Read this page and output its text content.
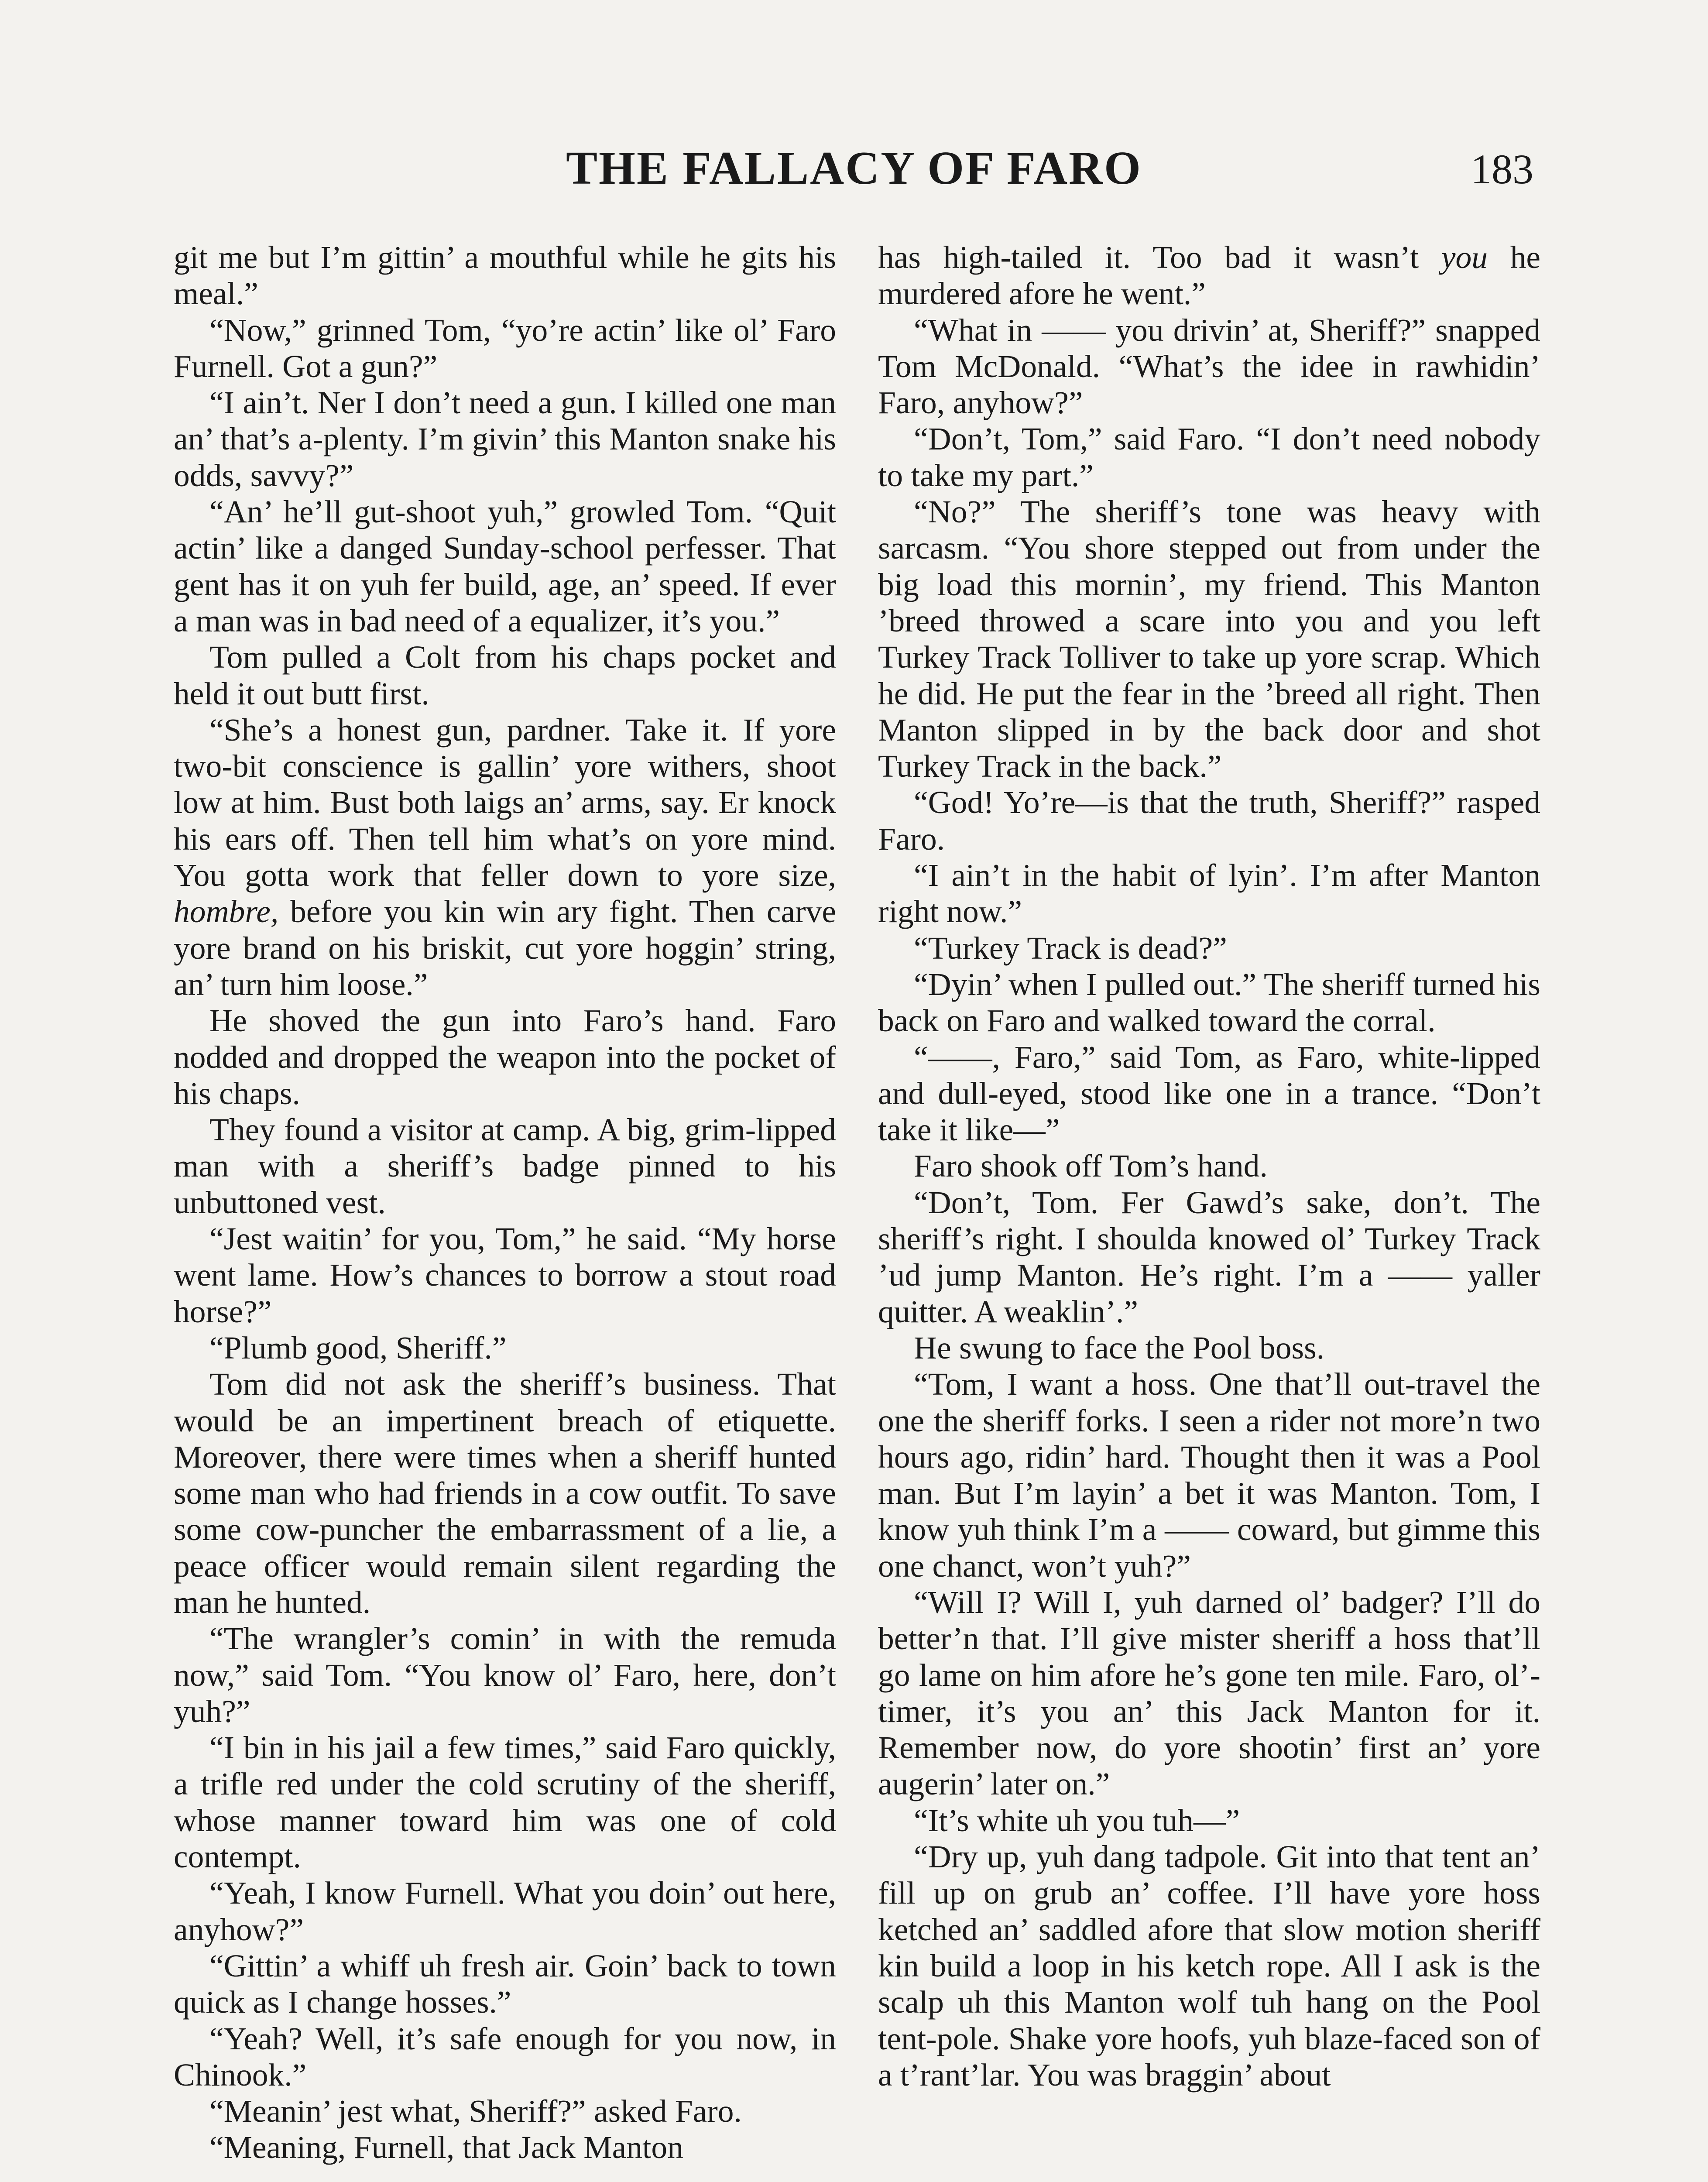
THE FALLACY OF FARO	183

git me but I’m gittin’ a mouthful while he gits his meal.”

“Now,” grinned Tom, “yo’re actin’ like ol’ Faro Furnell. Got a gun?”

“I ain’t. Ner I don’t need a gun. I killed one man an’ that’s a-plenty. I’m givin’ this Manton snake his odds, savvy?”

“An’ he’ll gut-shoot yuh,” growled Tom. “Quit actin’ like a danged Sunday-school perfesser. That gent has it on yuh fer build, age, an’ speed. If ever a man was in bad need of a equalizer, it’s you.”

Tom pulled a Colt from his chaps pocket and held it out butt first.

“She’s a honest gun, pardner. Take it. If yore two-bit conscience is gallin’ yore withers, shoot low at him. Bust both laigs an’ arms, say. Er knock his ears off. Then tell him what’s on yore mind. You gotta work that feller down to yore size, hombre, before you kin win ary fight. Then carve yore brand on his briskit, cut yore hoggin’ string, an’ turn him loose.”

He shoved the gun into Faro’s hand. Faro nodded and dropped the weapon into the pocket of his chaps.

They found a visitor at camp. A big, grim-lipped man with a sheriff’s badge pinned to his unbuttoned vest.

“Jest waitin’ for you, Tom,” he said. “My horse went lame. How’s chances to borrow a stout road horse?”

“Plumb good, Sheriff.”

Tom did not ask the sheriff’s business. That would be an impertinent breach of etiquette. Moreover, there were times when a sheriff hunted some man who had friends in a cow outfit. To save some cow-puncher the embarrassment of a lie, a peace officer would remain silent regarding the man he hunted.

“The wrangler’s comin’ in with the remuda now,” said Tom. “You know ol’ Faro, here, don’t yuh?”

“I bin in his jail a few times,” said Faro quickly, a trifle red under the cold scrutiny of the sheriff, whose manner toward him was one of cold contempt.

“Yeah, I know Furnell. What you doin’ out here, anyhow?”

“Gittin’ a whiff uh fresh air. Goin’ back to town quick as I change hosses.”

“Yeah? Well, it’s safe enough for you now, in Chinook.”

“Meanin’ jest what, Sheriff?” asked Faro.

“Meaning, Furnell, that Jack Manton

has high-tailed it. Too bad it wasn’t you he murdered afore he went.”

“What in —— you drivin’ at, Sheriff?” snapped Tom McDonald. “What’s the idee in rawhidin’ Faro, anyhow?”

“Don’t, Tom,” said Faro. “I don’t need nobody to take my part.”

“No?” The sheriff’s tone was heavy with sarcasm. “You shore stepped out from under the big load this mornin’, my friend. This Manton ’breed throwed a scare into you and you left Turkey Track Tolliver to take up yore scrap. Which he did. He put the fear in the ’breed all right. Then Manton slipped in by the back door and shot Turkey Track in the back.”

“God! Yo’re—is that the truth, Sheriff?” rasped Faro.

“I ain’t in the habit of lyin’. I’m after Manton right now.”

“Turkey Track is dead?”

“Dyin’ when I pulled out.” The sheriff turned his back on Faro and walked toward the corral.

“——, Faro,” said Tom, as Faro, white-lipped and dull-eyed, stood like one in a trance. “Don’t take it like—”

Faro shook off Tom’s hand.

“Don’t, Tom. Fer Gawd’s sake, don’t. The sheriff’s right. I shoulda knowed ol’ Turkey Track ’ud jump Manton. He’s right. I’m a —— yaller quitter. A weaklin’.”

He swung to face the Pool boss.

“Tom, I want a hoss. One that’ll out-travel the one the sheriff forks. I seen a rider not more’n two hours ago, ridin’ hard. Thought then it was a Pool man. But I’m layin’ a bet it was Manton. Tom, I know yuh think I’m a —— coward, but gimme this one chanct, won’t yuh?”

“Will I? Will I, yuh darned ol’ badger? I’ll do better’n that. I’ll give mister sheriff a hoss that’ll go lame on him afore he’s gone ten mile. Faro, ol’-timer, it’s you an’ this Jack Manton for it. Remember now, do yore shootin’ first an’ yore augerin’ later on.”

“It’s white uh you tuh—”

“Dry up, yuh dang tadpole. Git into that tent an’ fill up on grub an’ coffee. I’ll have yore hoss ketched an’ saddled afore that slow motion sheriff kin build a loop in his ketch rope. All I ask is the scalp uh this Manton wolf tuh hang on the Pool tent-pole. Shake yore hoofs, yuh blaze-faced son of a t’rant’lar. You was braggin’ about
